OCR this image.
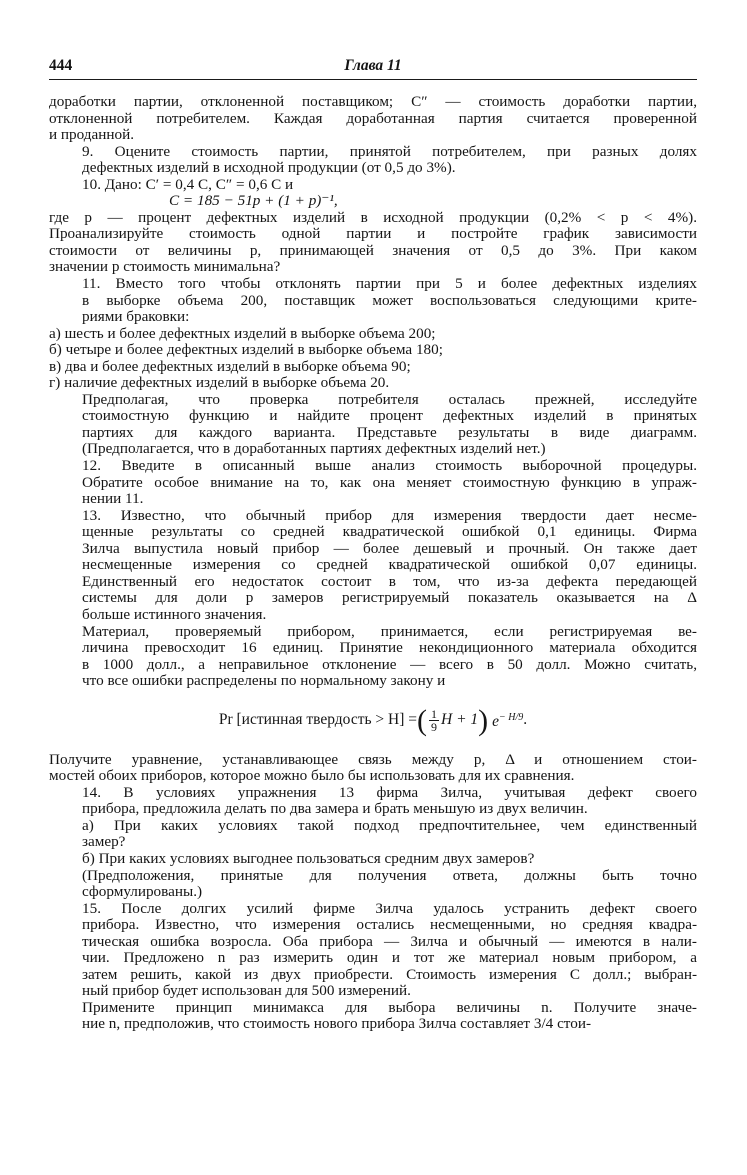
444	Глава 11

доработки партии, отклоненной поставщиком; C″ — стоимость доработки партии,
отклоненной потребителем. Каждая доработанная партия считается проверенной
и проданной.

9. Оцените стоимость партии, принятой потребителем, при разных долях
дефектных изделий в исходной продукции (от 0,5 до 3%).

10. Дано: C′ = 0,4 C, C″ = 0,6 C и

C = 185 − 51p + (1 + p)⁻¹,

где p — процент дефектных изделий в исходной продукции (0,2% < p < 4%).
Проанализируйте стоимость одной партии и постройте график зависимости
стоимости от величины p, принимающей значения от 0,5 до 3%. При каком
значении p стоимость минимальна?

11. Вместо того чтобы отклонять партии при 5 и более дефектных изделиях
в выборке объема 200, поставщик может воспользоваться следующими крите-
риями браковки:

а) шесть и более дефектных изделий в выборке объема 200;

б) четыре и более дефектных изделий в выборке объема 180;

в) два и более дефектных изделий в выборке объема 90;

г) наличие дефектных изделий в выборке объема 20.

Предполагая, что проверка потребителя осталась прежней, исследуйте
стоимостную функцию и найдите процент дефектных изделий в принятых
партиях для каждого варианта. Представьте результаты в виде диаграмм.
(Предполагается, что в доработанных партиях дефектных изделий нет.)

12. Введите в описанный выше анализ стоимость выборочной процедуры.
Обратите особое внимание на то, как она меняет стоимостную функцию в упраж-
нении 11.

13. Известно, что обычный прибор для измерения твердости дает несме-
щенные результаты со средней квадратической ошибкой 0,1 единицы. Фирма
Зилча выпустила новый прибор — более дешевый и прочный. Он также дает
несмещенные измерения со средней квадратической ошибкой 0,07 единицы.
Единственный его недостаток состоит в том, что из-за дефекта передающей
системы для доли p замеров регистрируемый показатель оказывается на Δ
больше истинного значения.

Материал, проверяемый прибором, принимается, если регистрируемая ве-
личина превосходит 16 единиц. Принятие некондиционного материала обходится
в 1000 долл., а неправильное отклонение — всего в 50 долл. Можно считать,
что все ошибки распределены по нормальному закону и

Pr [истинная твердость > H] = ( $\frac{1}{9}$ H + 1 ) $e^{- H/9}$ .

Получите уравнение, устанавливающее связь между p, Δ и отношением стои-
мостей обоих приборов, которое можно было бы использовать для их сравнения.

14. В условиях упражнения 13 фирма Зилча, учитывая дефект своего
прибора, предложила делать по два замера и брать меньшую из двух величин.

а) При каких условиях такой подход предпочтительнее, чем единственный
замер?

б) При каких условиях выгоднее пользоваться средним двух замеров?

(Предположения, принятые для получения ответа, должны быть точно
сформулированы.)

15. После долгих усилий фирме Зилча удалось устранить дефект своего
прибора. Известно, что измерения остались несмещенными, но средняя квадра-
тическая ошибка возросла. Оба прибора — Зилча и обычный — имеются в нали-
чии. Предложено n раз измерить один и тот же материал новым прибором, а
затем решить, какой из двух приобрести. Стоимость измерения C долл.; выбран-
ный прибор будет использован для 500 измерений.

Примените принцип минимакса для выбора величины n. Получите значе-
ние n, предположив, что стоимость нового прибора Зилча составляет 3/4 стои-
